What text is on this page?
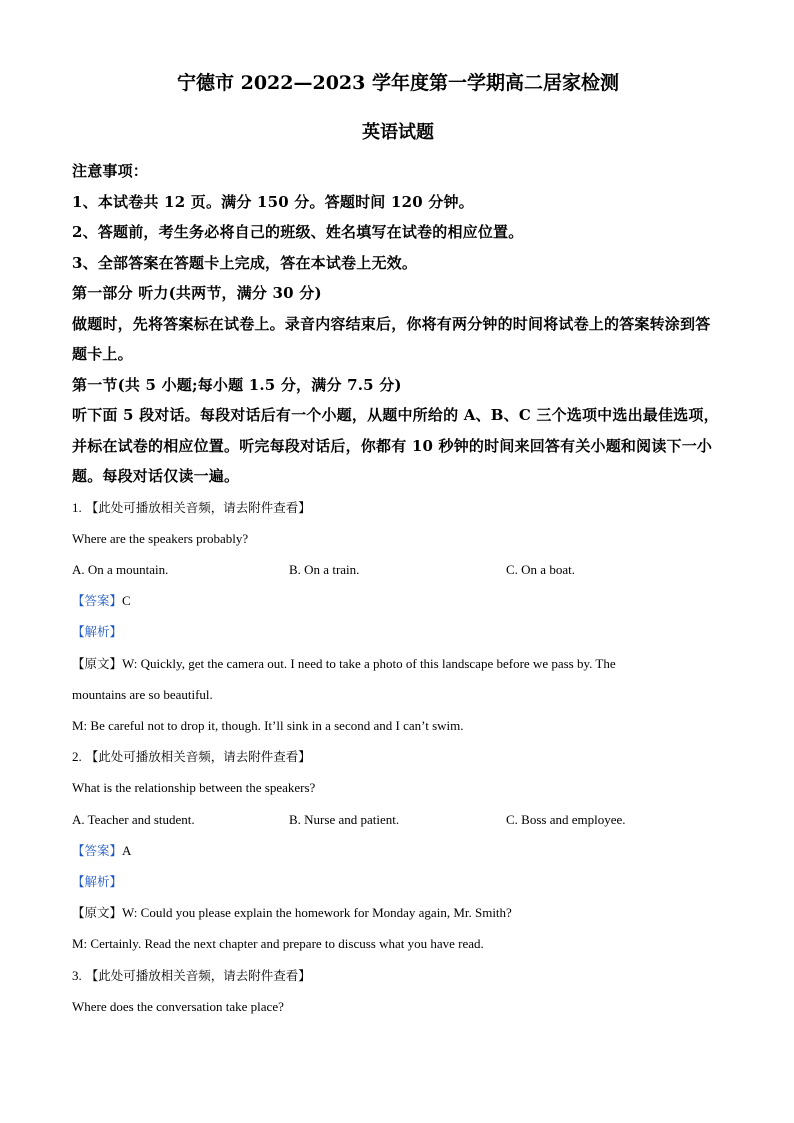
宁德市 2022—2023 学年度第一学期高二居家检测

英语试题

注意事项：

1、本试卷共 12 页。满分 150 分。答题时间 120 分钟。

2、答题前，考生务必将自己的班级、姓名填写在试卷的相应位置。

3、全部答案在答题卡上完成，答在本试卷上无效。

第一部分 听力(共两节，满分 30 分)

做题时，先将答案标在试卷上。录音内容结束后，你将有两分钟的时间将试卷上的答案转涂到答题卡上。

第一节(共 5 小题;每小题 1.5 分，满分 7.5 分)

听下面 5 段对话。每段对话后有一个小题，从题中所给的 A、B、C 三个选项中选出最佳选项，并标在试卷的相应位置。听完每段对话后，你都有 10 秒钟的时间来回答有关小题和阅读下一小题。每段对话仅读一遍。

1. 【此处可播放相关音频，请去附件查看】

Where are the speakers probably?

A. On a mountain.	B. On a train.	C. On a boat.

【答案】C

【解析】

【原文】W: Quickly, get the camera out. I need to take a photo of this landscape before we pass by. The

mountains are so beautiful.

M: Be careful not to drop it, though. It’ll sink in a second and I can’t swim.

2. 【此处可播放相关音频，请去附件查看】

What is the relationship between the speakers?

A. Teacher and student.	B. Nurse and patient.	C. Boss and employee.

【答案】A

【解析】

【原文】W: Could you please explain the homework for Monday again, Mr. Smith?

M: Certainly. Read the next chapter and prepare to discuss what you have read.

3. 【此处可播放相关音频，请去附件查看】

Where does the conversation take place?
